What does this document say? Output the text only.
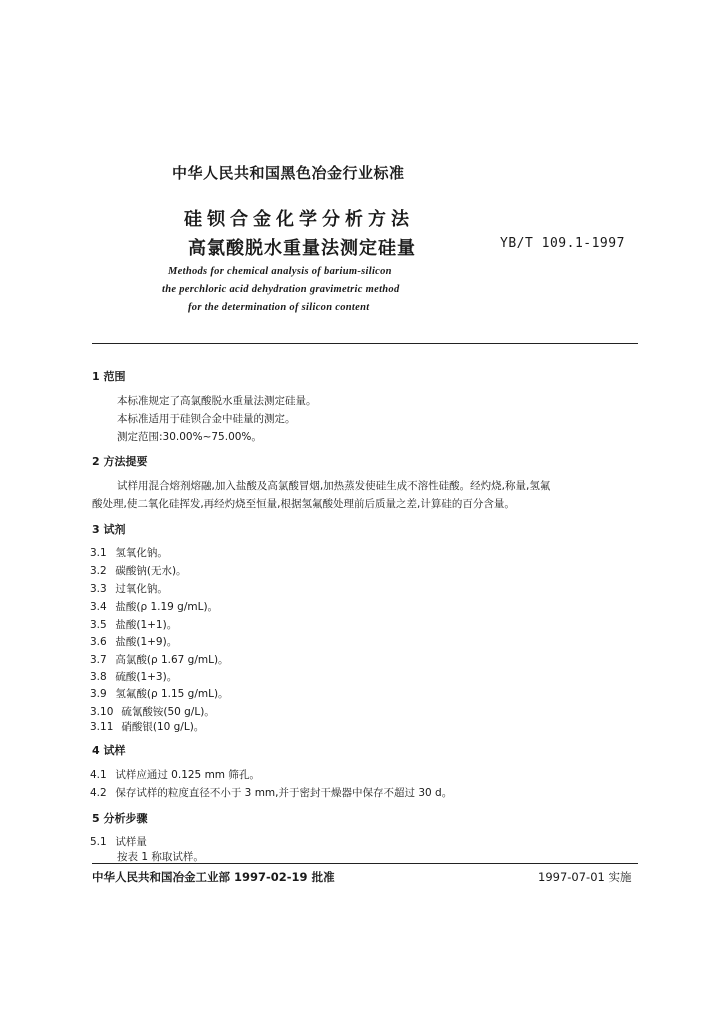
中华人民共和国黑色冶金行业标准
硅钡合金化学分析方法
高氯酸脱水重量法测定硅量	YB/T 109.1-1997
Methods for chemical analysis of barium-silicon
the perchloric acid dehydration gravimetric method
for the determination of silicon content
1 范围
本标准规定了高氯酸脱水重量法测定硅量。
本标准适用于硅钡合金中硅量的测定。
测定范围:30.00%~75.00%。
2 方法提要
试样用混合熔剂熔融,加入盐酸及高氯酸冒烟,加热蒸发使硅生成不溶性硅酸。经灼烧,称量,氢氟
酸处理,使二氧化硅挥发,再经灼烧至恒量,根据氢氟酸处理前后质量之差,计算硅的百分含量。
3 试剂
3.1 氢氧化钠。
3.2 碳酸钠(无水)。
3.3 过氧化钠。
3.4 盐酸(ρ 1.19 g/mL)。
3.5 盐酸(1+1)。
3.6 盐酸(1+9)。
3.7 高氯酸(ρ 1.67 g/mL)。
3.8 硫酸(1+3)。
3.9 氢氟酸(ρ 1.15 g/mL)。
3.10 硫氰酸铵(50 g/L)。
3.11 硝酸银(10 g/L)。
4 试样
4.1 试样应通过 0.125 mm 筛孔。
4.2 保存试样的粒度直径不小于 3 mm,并于密封干燥器中保存不超过 30 d。
5 分析步骤
5.1 试样量
按表 1 称取试样。
中华人民共和国冶金工业部 1997-02-19 批准	1997-07-01 实施
